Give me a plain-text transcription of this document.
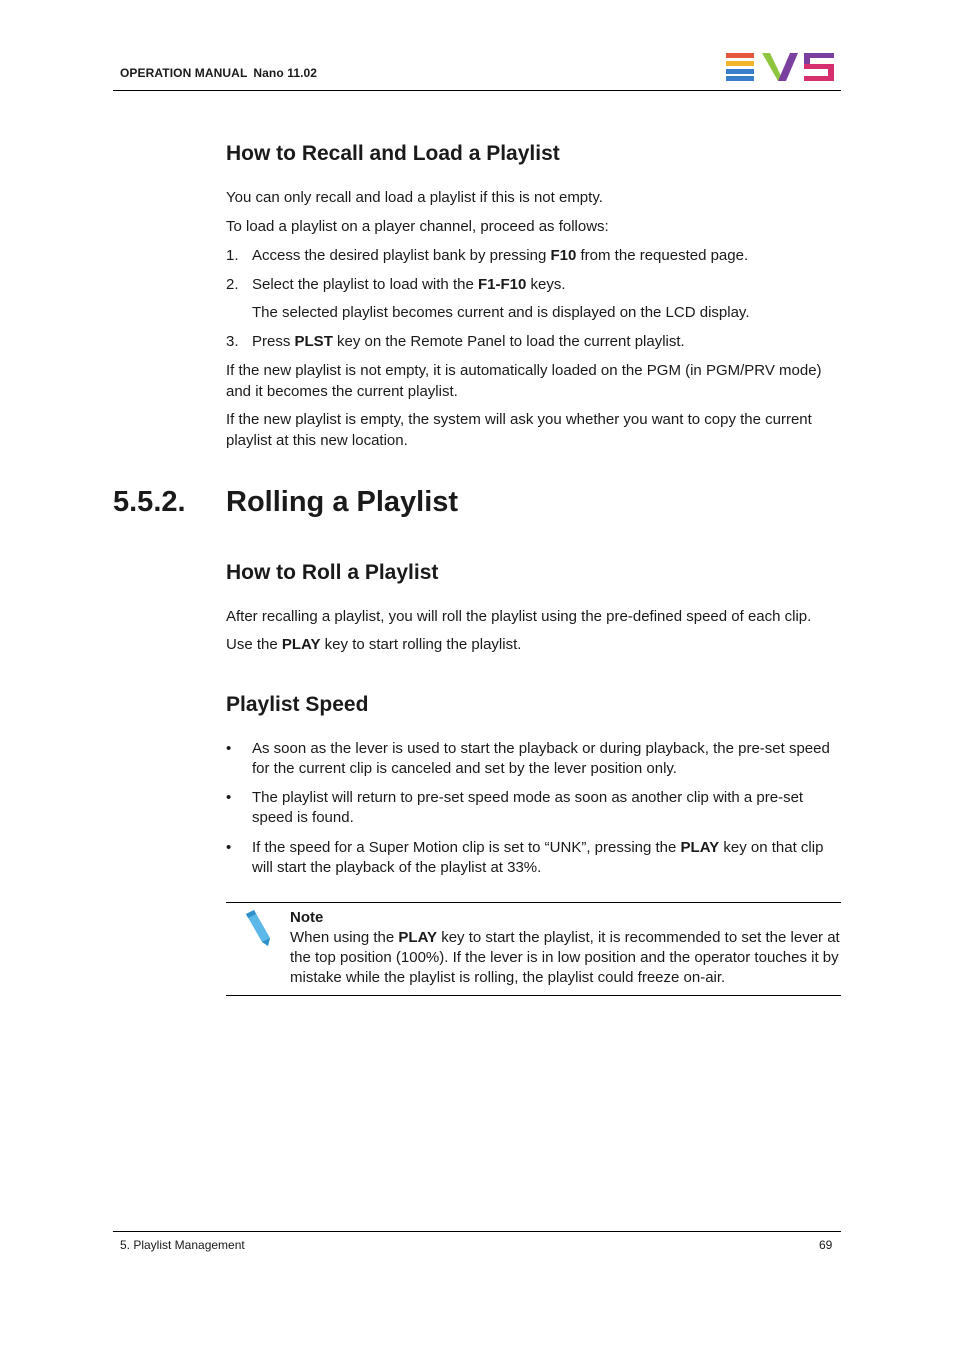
OPERATION MANUAL Nano 11.02
How to Recall and Load a Playlist

You can only recall and load a playlist if this is not empty.

To load a playlist on a player channel, proceed as follows:

1. Access the desired playlist bank by pressing F10 from the requested page.
2. Select the playlist to load with the F1-F10 keys.
The selected playlist becomes current and is displayed on the LCD display.
3. Press PLST key on the Remote Panel to load the current playlist.

If the new playlist is not empty, it is automatically loaded on the PGM (in PGM/PRV mode) and it becomes the current playlist.

If the new playlist is empty, the system will ask you whether you want to copy the current playlist at this new location.

5.5.2. Rolling a Playlist
How to Roll a Playlist

After recalling a playlist, you will roll the playlist using the pre-defined speed of each clip.

Use the PLAY key to start rolling the playlist.

Playlist Speed
• As soon as the lever is used to start the playback or during playback, the pre-set speed for the current clip is canceled and set by the lever position only.
• The playlist will return to pre-set speed mode as soon as another clip with a pre-set speed is found.
• If the speed for a Super Motion clip is set to “UNK”, pressing the PLAY key on that clip will start the playback of the playlist at 33%.
Note
When using the PLAY key to start the playlist, it is recommended to set the lever at the top position (100%). If the lever is in low position and the operator touches it by mistake while the playlist is rolling, the playlist could freeze on-air.
5. Playlist Management	69
